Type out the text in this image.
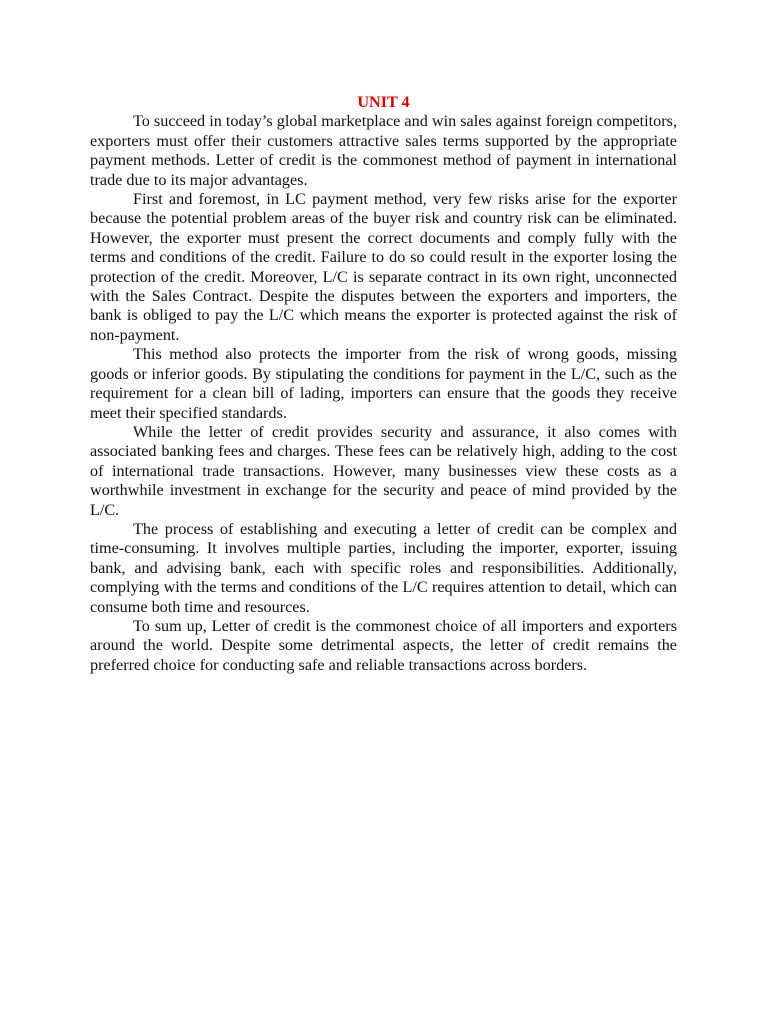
UNIT 4

To succeed in today’s global marketplace and win sales against foreign competitors, exporters must offer their customers attractive sales terms supported by the appropriate payment methods. Letter of credit is the commonest method of payment in international trade due to its major advantages.

First and foremost, in LC payment method, very few risks arise for the exporter because the potential problem areas of the buyer risk and country risk can be eliminated. However, the exporter must present the correct documents and comply fully with the terms and conditions of the credit. Failure to do so could result in the exporter losing the protection of the credit. Moreover, L/C is separate contract in its own right, unconnected with the Sales Contract. Despite the disputes between the exporters and importers, the bank is obliged to pay the L/C which means the exporter is protected against the risk of non-payment.

This method also protects the importer from the risk of wrong goods, missing goods or inferior goods. By stipulating the conditions for payment in the L/C, such as the requirement for a clean bill of lading, importers can ensure that the goods they receive meet their specified standards.

While the letter of credit provides security and assurance, it also comes with associated banking fees and charges. These fees can be relatively high, adding to the cost of international trade transactions. However, many businesses view these costs as a worthwhile investment in exchange for the security and peace of mind provided by the L/C.

The process of establishing and executing a letter of credit can be complex and time-consuming. It involves multiple parties, including the importer, exporter, issuing bank, and advising bank, each with specific roles and responsibilities. Additionally, complying with the terms and conditions of the L/C requires attention to detail, which can consume both time and resources.

To sum up, Letter of credit is the commonest choice of all importers and exporters around the world. Despite some detrimental aspects, the letter of credit remains the preferred choice for conducting safe and reliable transactions across borders.
